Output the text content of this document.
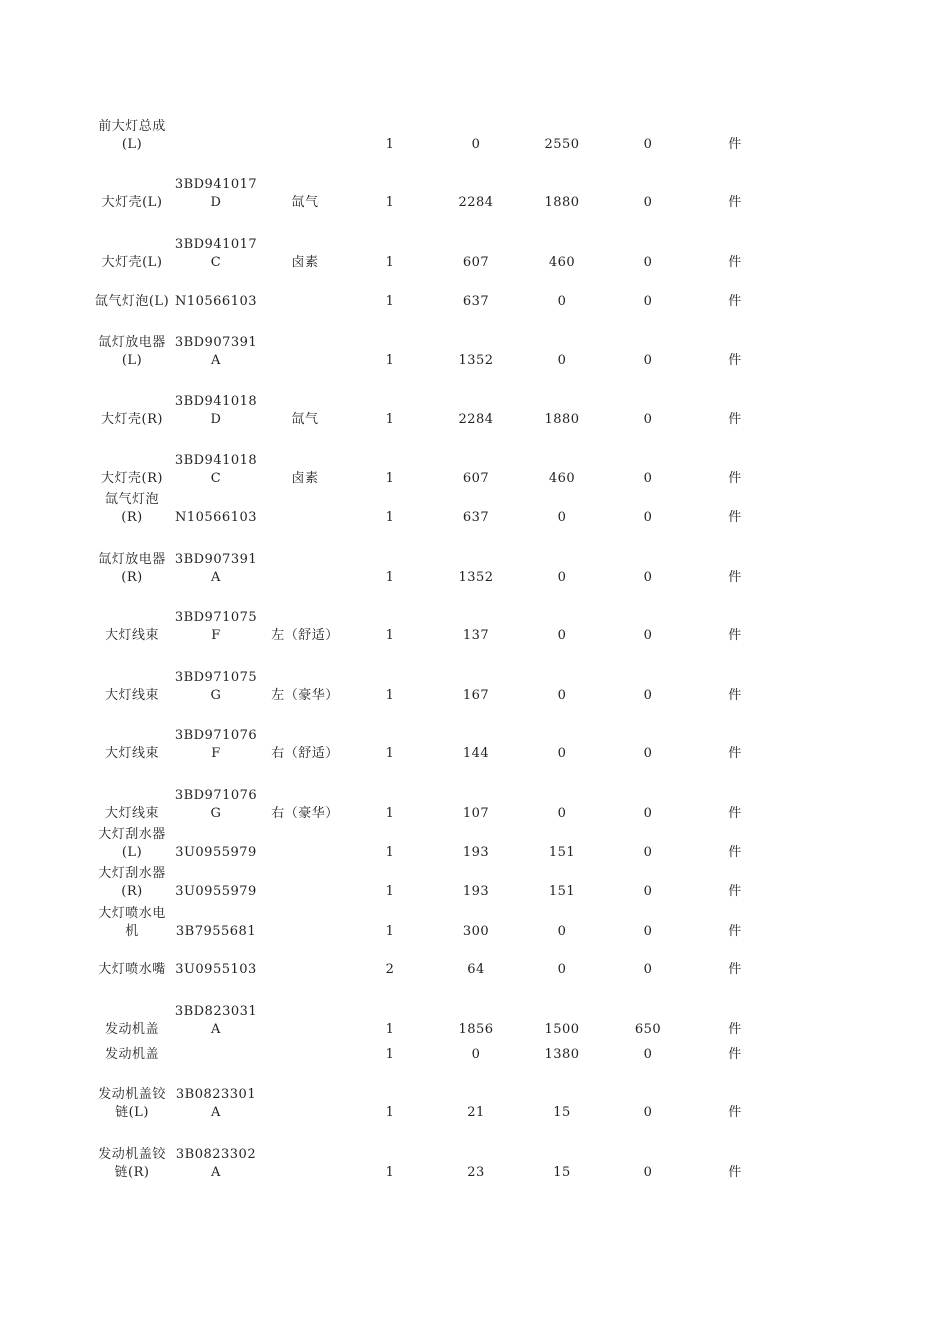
前大灯总成
(L)	1	0	2550	0	件
大灯壳(L)
3BD941017
D	氙气	1	2284	1880	0	件
大灯壳(L)
3BD941017
C	卤素	1	607	460	0	件
氙气灯泡(L) N10566103	1	637	0	0	件
氙灯放电器
(L)
3BD907391
A	1	1352	0	0	件
大灯壳(R)
3BD941018
D	氙气	1	2284	1880	0	件
大灯壳(R)
3BD941018
C	卤素	1	607	460	0	件
氙气灯泡
(R)	N10566103	1	637	0	0	件
氙灯放电器
(R)
3BD907391
A	1	1352	0	0	件
大灯线束
3BD971075
F	左（舒适）	1	137	0	0	件
大灯线束
3BD971075
G	左（豪华）	1	167	0	0	件
大灯线束
3BD971076
F	右（舒适）	1	144	0	0	件
大灯线束
3BD971076
G	右（豪华）	1	107	0	0	件
大灯刮水器
(L)	3U0955979	1	193	151	0	件
大灯刮水器
(R)	3U0955979	1	193	151	0	件
大灯喷水电
机	3B7955681	1	300	0	0	件
大灯喷水嘴 3U0955103	2	64	0	0	件
发动机盖
3BD823031
A	1	1856	1500	650	件
发动机盖	1	0	1380	0	件
发动机盖铰
链(L)
3B0823301
A	1	21	15	0	件
发动机盖铰
链(R)
3B0823302
A	1	23	15	0	件
